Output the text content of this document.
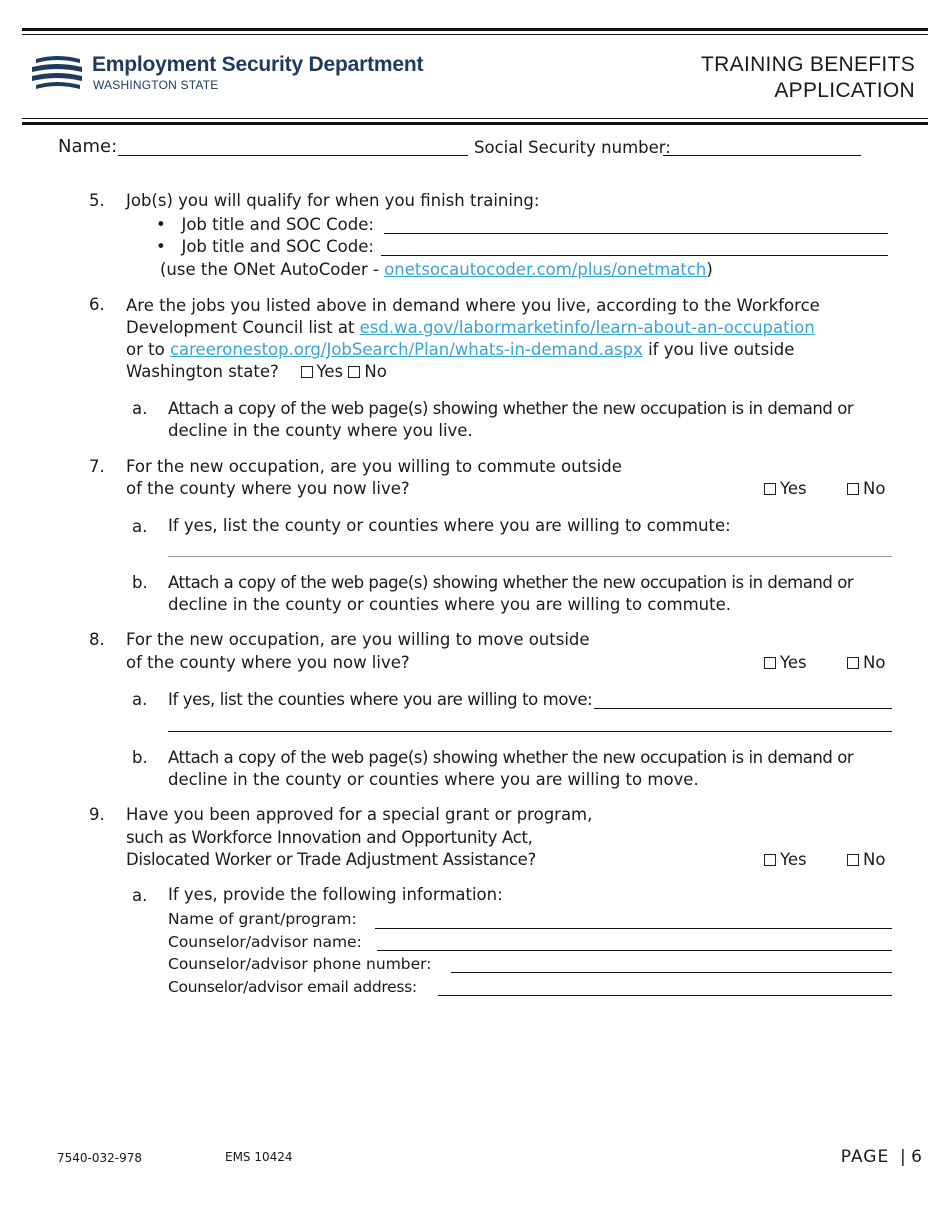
Employment Security Department
WASHINGTON STATE
TRAINING BENEFITS
APPLICATION
Name:	Social Security number:
5. Job(s) you will qualify for when you finish training:
•   Job title and SOC Code:
•   Job title and SOC Code:
(use the ONet AutoCoder - onetsocautocoder.com/plus/onetmatch)
6. Are the jobs you listed above in demand where you live, according to the Workforce
Development Council list at esd.wa.gov/labormarketinfo/learn-about-an-occupation
or to careeronestop.org/JobSearch/Plan/whats-in-demand.aspx if you live outside
Washington state? Yes No
a. Attach a copy of the web page(s) showing whether the new occupation is in demand or
decline in the county where you live.
7. For the new occupation, are you willing to commute outside
of the county where you now live?	Yes	No
a. If yes, list the county or counties where you are willing to commute:
b. Attach a copy of the web page(s) showing whether the new occupation is in demand or
decline in the county or counties where you are willing to commute.
8. For the new occupation, are you willing to move outside
of the county where you now live?	Yes	No
a. If yes, list the counties where you are willing to move:
b. Attach a copy of the web page(s) showing whether the new occupation is in demand or
decline in the county or counties where you are willing to move.
9. Have you been approved for a special grant or program,
such as Workforce Innovation and Opportunity Act,
Dislocated Worker or Trade Adjustment Assistance?	Yes	No
a. If yes, provide the following information:
Name of grant/program:
Counselor/advisor name:
Counselor/advisor phone number:
Counselor/advisor email address:
7540-032-978	EMS 10424	PAGE | 6
